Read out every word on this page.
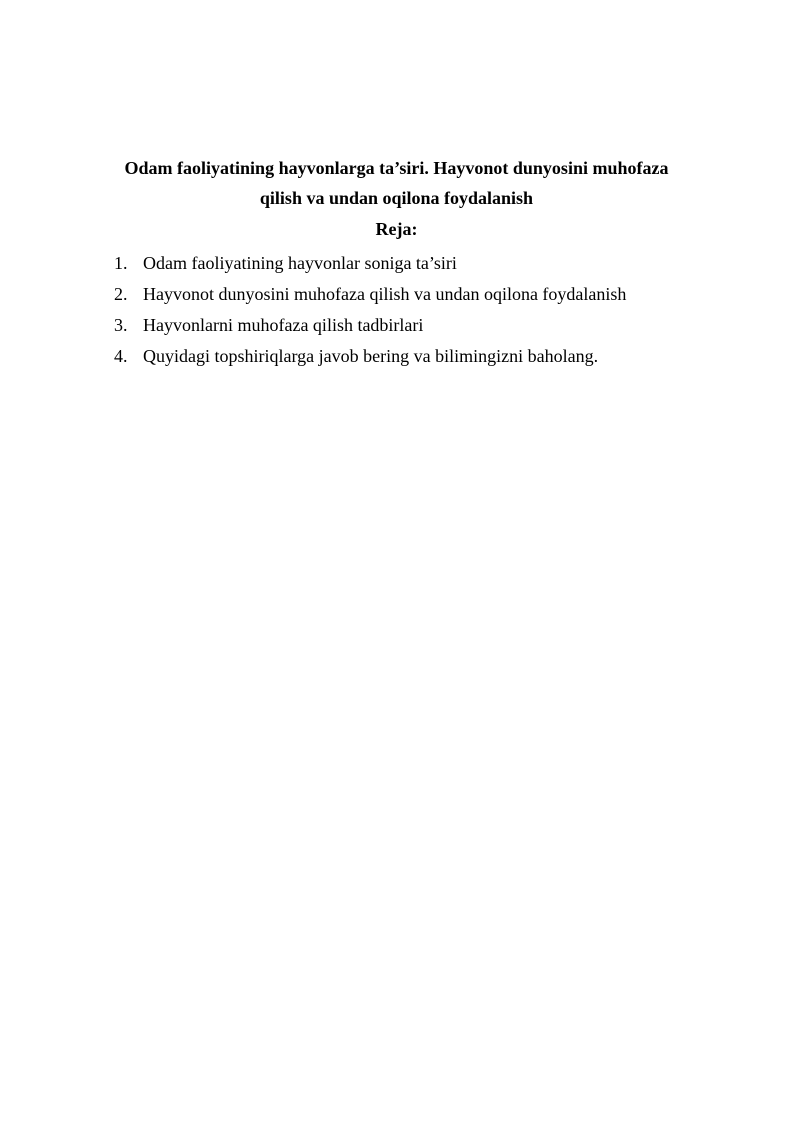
Odam faoliyatining hayvonlarga ta’siri. Hayvonot dunyosini muhofaza
qilish va undan oqilona foydalanish
Reja:
1. Odam faoliyatining hayvonlar soniga ta’siri
2. Hayvonot dunyosini muhofaza qilish va undan oqilona foydalanish
3. Hayvonlarni muhofaza qilish tadbirlari
4. Quyidagi topshiriqlarga javob bering va bilimingizni baholang.
